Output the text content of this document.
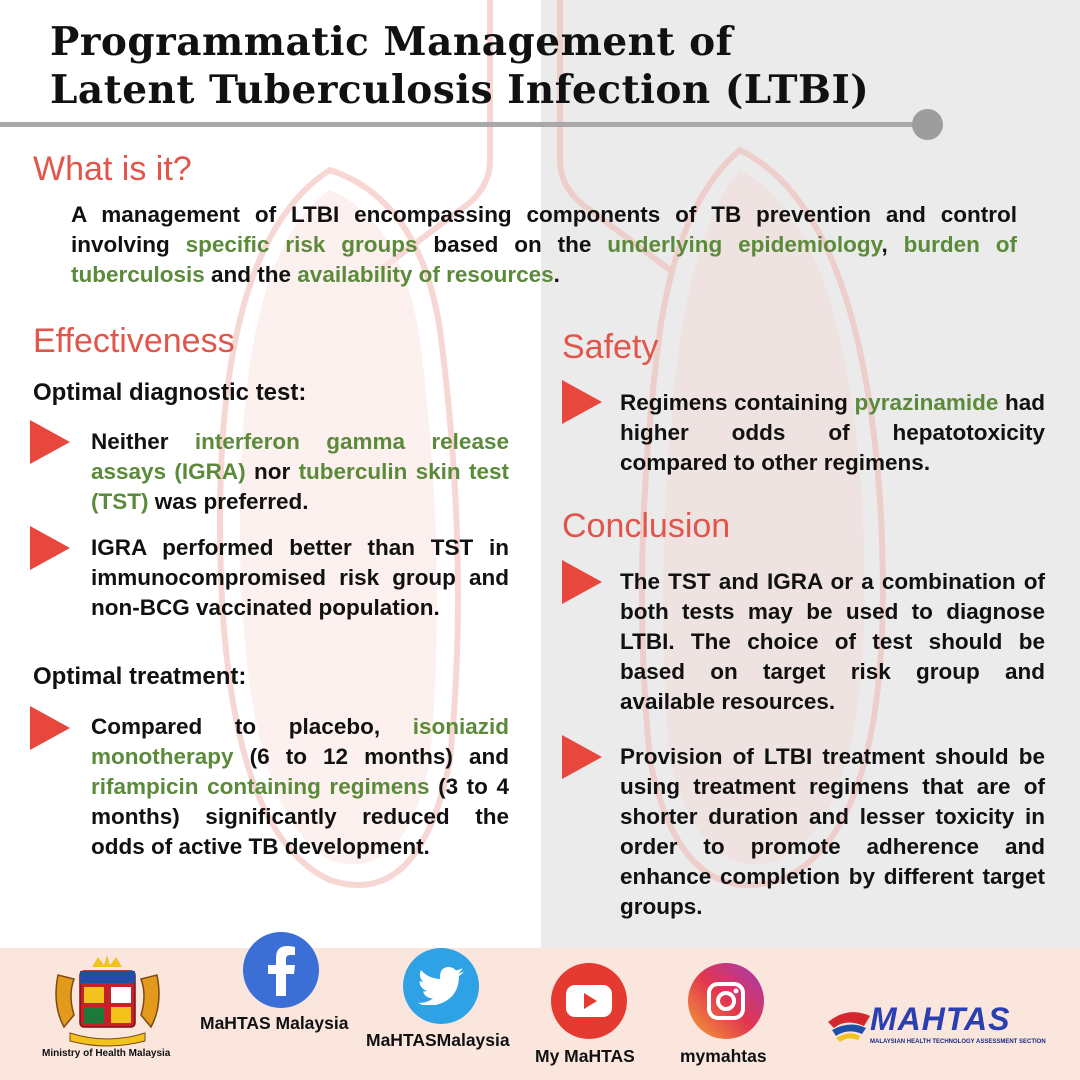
Programmatic Management of
Latent Tuberculosis Infection (LTBI)
What is it?

A management of LTBI encompassing components of TB prevention and control involving specific risk groups based on the underlying epidemiology, burden of tuberculosis and the availability of resources.

Effectiveness
Optimal diagnostic test:

Neither interferon gamma release assays (IGRA) nor tuberculin skin test (TST) was preferred.

IGRA performed better than TST in immunocompromised risk group and non-BCG vaccinated population.

Optimal treatment:

Compared to placebo, isoniazid monotherapy (6 to 12 months) and rifampicin containing regimens (3 to 4 months) significantly reduced the odds of active TB development.

Safety

Regimens containing pyrazinamide had higher odds of hepatotoxicity compared to other regimens.

Conclusion

The TST and IGRA or a combination of both tests may be used to diagnose LTBI. The choice of test should be based on target risk group and available resources.

Provision of LTBI treatment should be using treatment regimens that are of shorter duration and lesser toxicity in order to promote adherence and enhance completion by different target groups.

Ministry of Health Malaysia

MaHTAS Malaysia

MaHTASMalaysia

My MaHTAS	mymahtas

MAHTAS
MALAYSIAN HEALTH TECHNOLOGY ASSESSMENT SECTION
